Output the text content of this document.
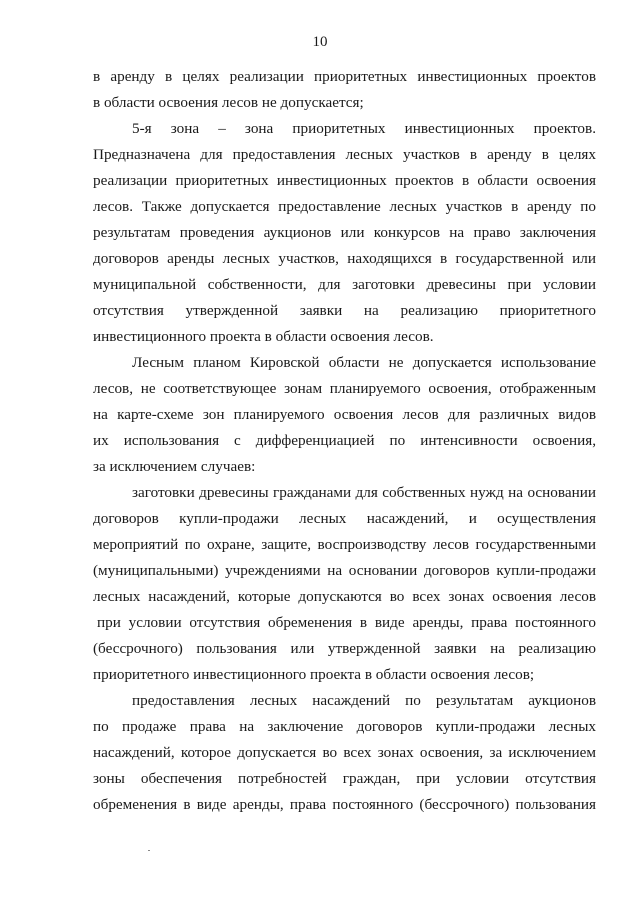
10
в аренду в целях реализации приоритетных инвестиционных проектов
в области освоения лесов не допускается;
5-я зона – зона приоритетных инвестиционных проектов.
Предназначена для предоставления лесных участков в аренду в целях
реализации приоритетных инвестиционных проектов в области освоения
лесов. Также допускается предоставление лесных участков в аренду по
результатам проведения аукционов или конкурсов на право заключения
договоров аренды лесных участков, находящихся в государственной или
муниципальной собственности, для заготовки древесины при условии
отсутствия утвержденной заявки на реализацию приоритетного
инвестиционного проекта в области освоения лесов.
Лесным планом Кировской области не допускается использование
лесов, не соответствующее зонам планируемого освоения, отображенным
на карте-схеме зон планируемого освоения лесов для различных видов
их использования с дифференциацией по интенсивности освоения,
за исключением случаев:
заготовки древесины гражданами для собственных нужд на основании
договоров купли-продажи лесных насаждений, и осуществления
мероприятий по охране, защите, воспроизводству лесов государственными
(муниципальными) учреждениями на основании договоров купли-продажи
лесных насаждений, которые допускаются во всех зонах освоения лесов
при условии отсутствия обременения в виде аренды, права постоянного
(бессрочного) пользования или утвержденной заявки на реализацию
приоритетного инвестиционного проекта в области освоения лесов;
предоставления лесных насаждений по результатам аукционов
по продаже права на заключение договоров купли-продажи лесных
насаждений, которое допускается во всех зонах освоения, за исключением
зоны обеспечения потребностей граждан, при условии отсутствия
обременения в виде аренды, права постоянного (бессрочного) пользования
